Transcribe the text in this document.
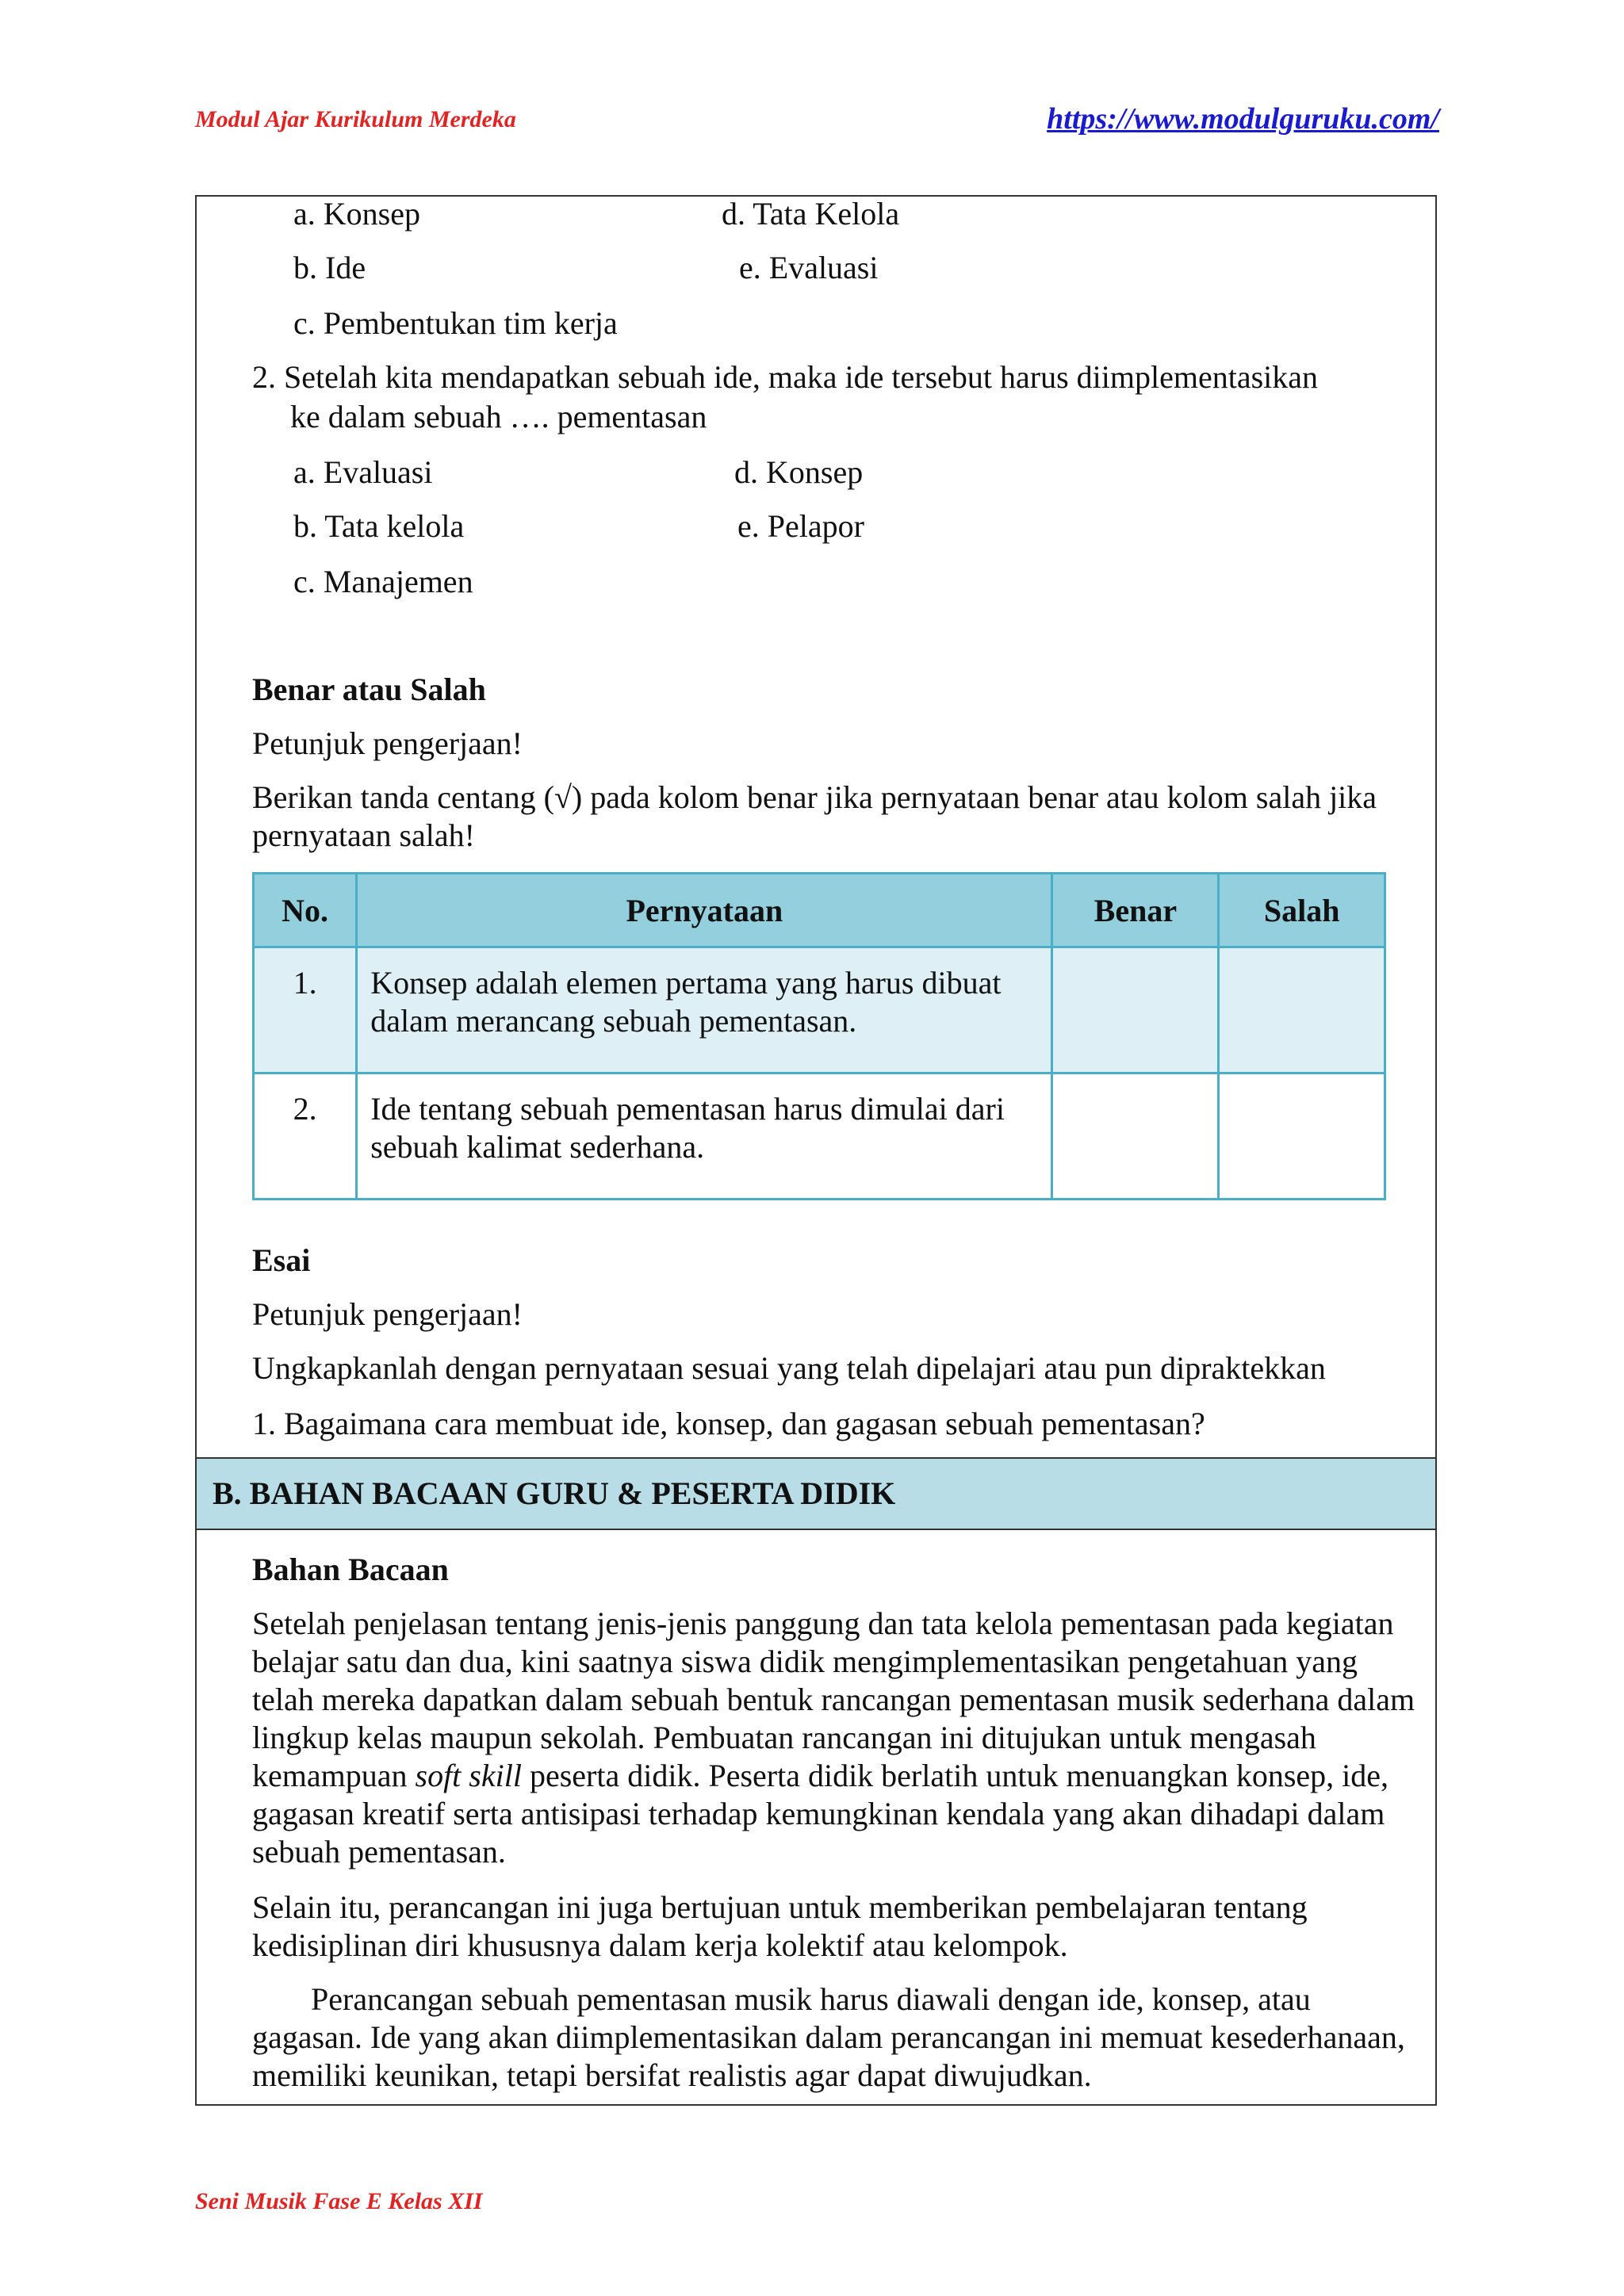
Modul Ajar Kurikulum Merdeka	https://www.modulguruku.com/
a. Konsep	d. Tata Kelola
b. Ide	e. Evaluasi
c. Pembentukan tim kerja
2. Setelah kita mendapatkan sebuah ide, maka ide tersebut harus diimplementasikan
ke dalam sebuah …. pementasan
a. Evaluasi	d. Konsep
b. Tata kelola	e. Pelapor
c. Manajemen
Benar atau Salah
Petunjuk pengerjaan!
Berikan tanda centang (√) pada kolom benar jika pernyataan benar atau kolom salah jika pernyataan salah!
No.	Pernyataan	Benar	Salah
1.	Konsep adalah elemen pertama yang harus dibuat dalam merancang sebuah pementasan.		
2.	Ide tentang sebuah pementasan harus dimulai dari sebuah kalimat sederhana.		
Esai
Petunjuk pengerjaan!
Ungkapkanlah dengan pernyataan sesuai yang telah dipelajari atau pun dipraktekkan
1. Bagaimana cara membuat ide, konsep, dan gagasan sebuah pementasan?
B. BAHAN BACAAN GURU & PESERTA DIDIK
Bahan Bacaan
Setelah penjelasan tentang jenis-jenis panggung dan tata kelola pementasan pada kegiatan belajar satu dan dua, kini saatnya siswa didik mengimplementasikan pengetahuan yang telah mereka dapatkan dalam sebuah bentuk rancangan pementasan musik sederhana dalam lingkup kelas maupun sekolah. Pembuatan rancangan ini ditujukan untuk mengasah kemampuan soft skill peserta didik. Peserta didik berlatih untuk menuangkan konsep, ide, gagasan kreatif serta antisipasi terhadap kemungkinan kendala yang akan dihadapi dalam sebuah pementasan.
Selain itu, perancangan ini juga bertujuan untuk memberikan pembelajaran tentang kedisiplinan diri khususnya dalam kerja kolektif atau kelompok.
Perancangan sebuah pementasan musik harus diawali dengan ide, konsep, atau gagasan. Ide yang akan diimplementasikan dalam perancangan ini memuat kesederhanaan, memiliki keunikan, tetapi bersifat realistis agar dapat diwujudkan.
Seni Musik Fase E Kelas XII
